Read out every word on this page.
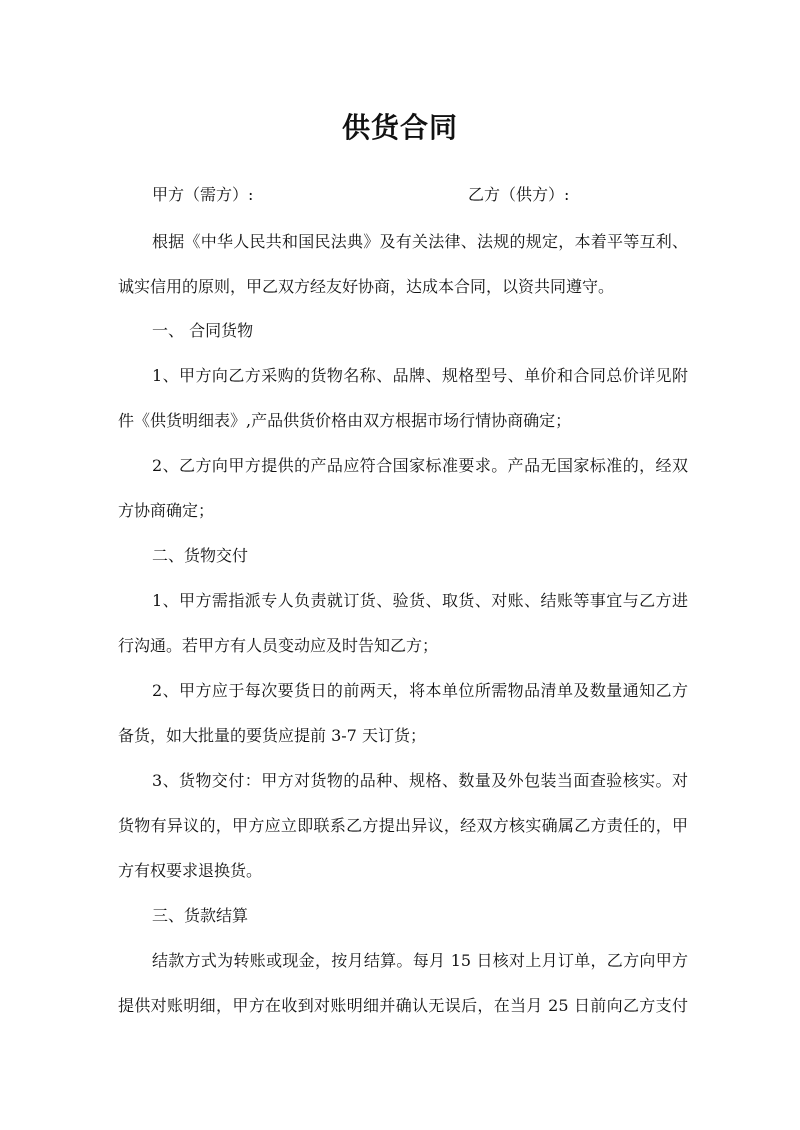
供货合同
甲方（需方）:	乙方（供方）:
根据《中华人民共和国民法典》及有关法律、法规的规定，本着平等互利、
诚实信用的原则，甲乙双方经友好协商，达成本合同，以资共同遵守。
一、 合同货物
1、甲方向乙方采购的货物名称、品牌、规格型号、单价和合同总价详见附
件《供货明细表》,产品供货价格由双方根据市场行情协商确定；
2、乙方向甲方提供的产品应符合国家标准要求。产品无国家标准的，经双
方协商确定；
二、货物交付
1、甲方需指派专人负责就订货、验货、取货、对账、结账等事宜与乙方进
行沟通。若甲方有人员变动应及时告知乙方；
2、甲方应于每次要货日的前两天，将本单位所需物品清单及数量通知乙方
备货，如大批量的要货应提前 3-7 天订货；
3、货物交付：甲方对货物的品种、规格、数量及外包装当面查验核实。对
货物有异议的，甲方应立即联系乙方提出异议，经双方核实确属乙方责任的，甲
方有权要求退换货。
三、货款结算
结款方式为转账或现金，按月结算。每月 15 日核对上月订单，乙方向甲方
提供对账明细，甲方在收到对账明细并确认无误后，在当月 25 日前向乙方支付
